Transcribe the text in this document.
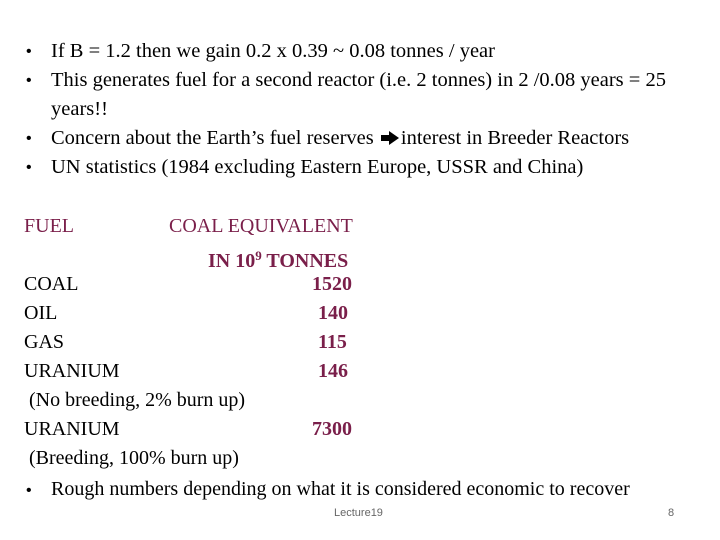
• If B = 1.2 then we gain 0.2 x 0.39 ~ 0.08 tonnes / year
• This generates fuel for a second reactor (i.e. 2 tonnes) in 2 /0.08 years = 25 years!!
• Concern about the Earth’s fuel reserves interest in Breeder Reactors
• UN statistics (1984 excluding Eastern Europe, USSR and China)
FUEL	COAL EQUIVALENT
IN $10^9$ TONNES
COAL	1520
OIL	140
GAS	115
URANIUM	146
(No breeding, 2% burn up)
URANIUM	7300
(Breeding, 100% burn up)
• Rough numbers depending on what it is considered economic to recover
Lecture19	8
